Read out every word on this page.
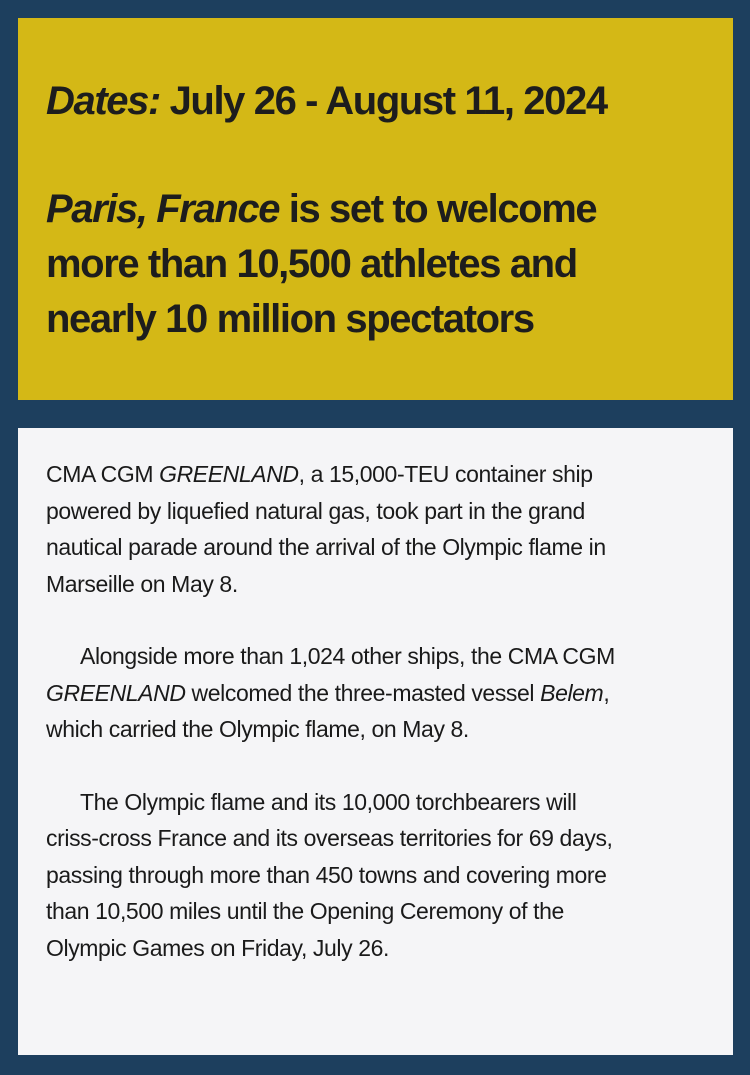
Dates: July 26 - August 11, 2024

Paris, France is set to welcome

more than 10,500 athletes and

nearly 10 million spectators

CMA CGM GREENLAND, a 15,000-TEU container ship
powered by liquefied natural gas, took part in the grand
nautical parade around the arrival of the Olympic flame in
Marseille on May 8.

Alongside more than 1,024 other ships, the CMA CGM
GREENLAND welcomed the three-masted vessel Belem,
which carried the Olympic flame, on May 8.

The Olympic flame and its 10,000 torchbearers will
criss-cross France and its overseas territories for 69 days,
passing through more than 450 towns and covering more
than 10,500 miles until the Opening Ceremony of the
Olympic Games on Friday, July 26.
